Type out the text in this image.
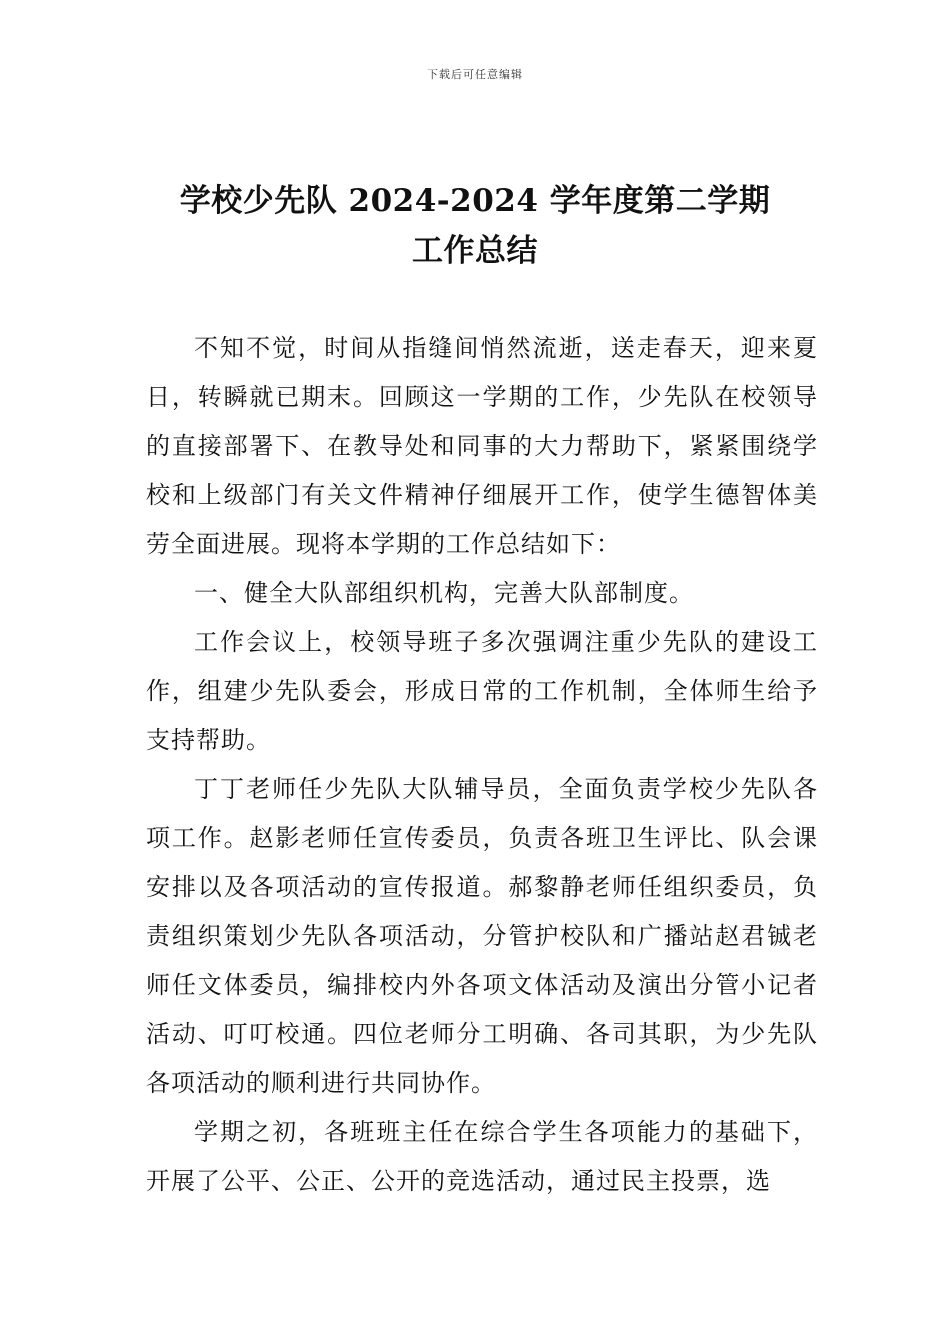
下载后可任意编辑
学校少先队 2024-2024 学年度第二学期
工作总结

不知不觉，时间从指缝间悄然流逝，送走春天，迎来夏日，转瞬就已期末。回顾这一学期的工作，少先队在校领导的直接部署下、在教导处和同事的大力帮助下，紧紧围绕学校和上级部门有关文件精神仔细展开工作，使学生德智体美劳全面进展。现将本学期的工作总结如下：

一、健全大队部组织机构，完善大队部制度。

工作会议上，校领导班子多次强调注重少先队的建设工作，组建少先队委会，形成日常的工作机制，全体师生给予支持帮助。

丁丁老师任少先队大队辅导员，全面负责学校少先队各项工作。赵影老师任宣传委员，负责各班卫生评比、队会课安排以及各项活动的宣传报道。郝黎静老师任组织委员，负责组织策划少先队各项活动，分管护校队和广播站赵君铖老师任文体委员，编排校内外各项文体活动及演出分管小记者活动、叮叮校通。四位老师分工明确、各司其职，为少先队各项活动的顺利进行共同协作。

学期之初，各班班主任在综合学生各项能力的基础下，开展了公平、公正、公开的竞选活动，通过民主投票，选
